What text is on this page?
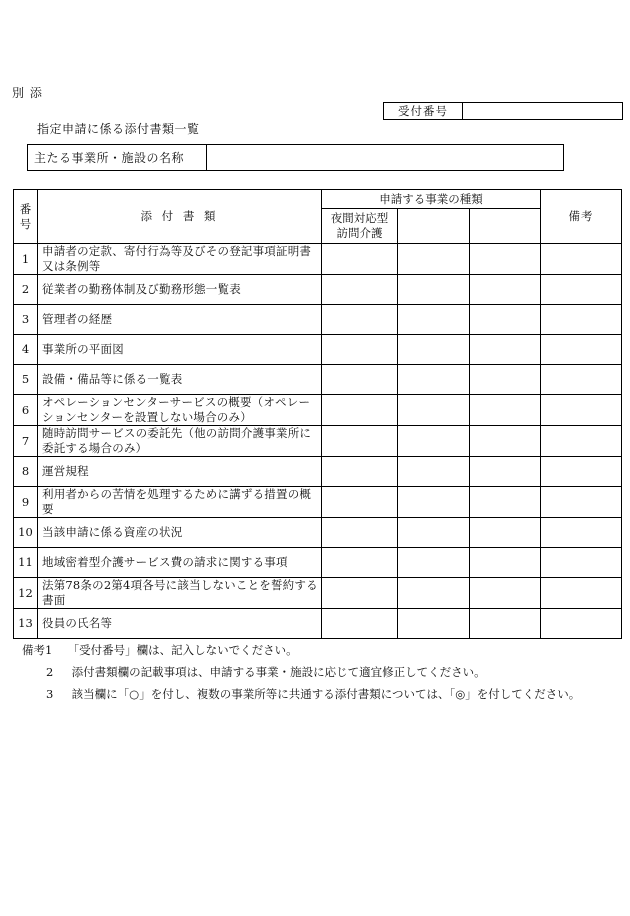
別 添
受付番号	
指定申請に係る添付書類一覧
主たる事業所・施設の名称	
番号	添 付 書 類	申請する事業の種類			備考
		夜間対応型
訪問介護			
1	申請者の定款、寄付行為等及びその登記事項証明書又は条例等				
2	従業者の勤務体制及び勤務形態一覧表				
3	管理者の経歴				
4	事業所の平面図				
5	設備・備品等に係る一覧表				
6	オペレーションセンターサービスの概要（オペレーションセンターを設置しない場合のみ）				
7	随時訪問サービスの委託先（他の訪問介護事業所に委託する場合のみ）				
8	運営規程				
9	利用者からの苦情を処理するために講ずる措置の概要				
10	当該申請に係る資産の状況				
11	地域密着型介護サービス費の請求に関する事項				
12	法第78条の2第4項各号に該当しないことを誓約する書面				
13	役員の氏名等				
備考1 「受付番号」欄は、記入しないでください。
2 添付書類欄の記載事項は、申請する事業・施設に応じて適宜修正してください。
3 該当欄に「○」を付し、複数の事業所等に共通する添付書類については、「◎」を付してください。
